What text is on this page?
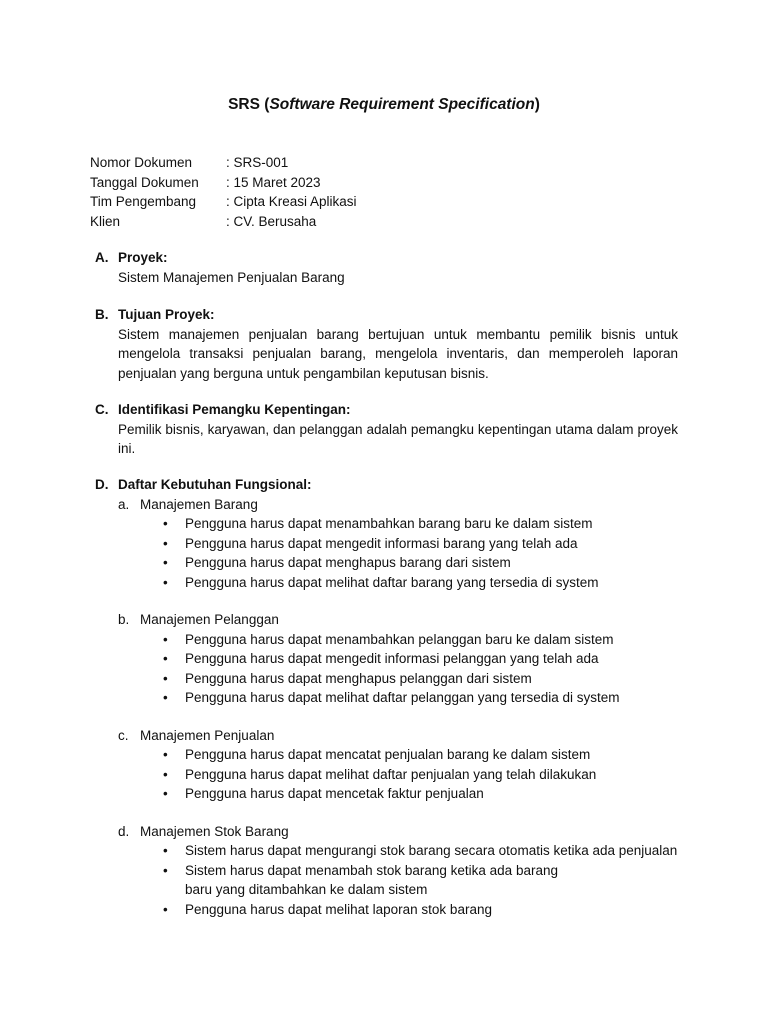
SRS (Software Requirement Specification)
Nomor Dokumen	: SRS-001
Tanggal Dokumen	: 15 Maret 2023
Tim Pengembang	: Cipta Kreasi Aplikasi
Klien	: CV. Berusaha
A. Proyek:
Sistem Manajemen Penjualan Barang
B. Tujuan Proyek:
Sistem manajemen penjualan barang bertujuan untuk membantu pemilik bisnis untuk mengelola transaksi penjualan barang, mengelola inventaris, dan memperoleh laporan penjualan yang berguna untuk pengambilan keputusan bisnis.
C. Identifikasi Pemangku Kepentingan:
Pemilik bisnis, karyawan, dan pelanggan adalah pemangku kepentingan utama dalam proyek ini.
D. Daftar Kebutuhan Fungsional:
a. Manajemen Barang
•	Pengguna harus dapat menambahkan barang baru ke dalam sistem
•	Pengguna harus dapat mengedit informasi barang yang telah ada
•	Pengguna harus dapat menghapus barang dari sistem
•	Pengguna harus dapat melihat daftar barang yang tersedia di system
b. Manajemen Pelanggan
•	Pengguna harus dapat menambahkan pelanggan baru ke dalam sistem
•	Pengguna harus dapat mengedit informasi pelanggan yang telah ada
•	Pengguna harus dapat menghapus pelanggan dari sistem
•	Pengguna harus dapat melihat daftar pelanggan yang tersedia di system
c. Manajemen Penjualan
•	Pengguna harus dapat mencatat penjualan barang ke dalam sistem
•	Pengguna harus dapat melihat daftar penjualan yang telah dilakukan
•	Pengguna harus dapat mencetak faktur penjualan
d. Manajemen Stok Barang
•	Sistem harus dapat mengurangi stok barang secara otomatis ketika ada penjualan
•	Sistem harus dapat menambah stok barang ketika ada barang baru yang ditambahkan ke dalam sistem
•	Pengguna harus dapat melihat laporan stok barang
